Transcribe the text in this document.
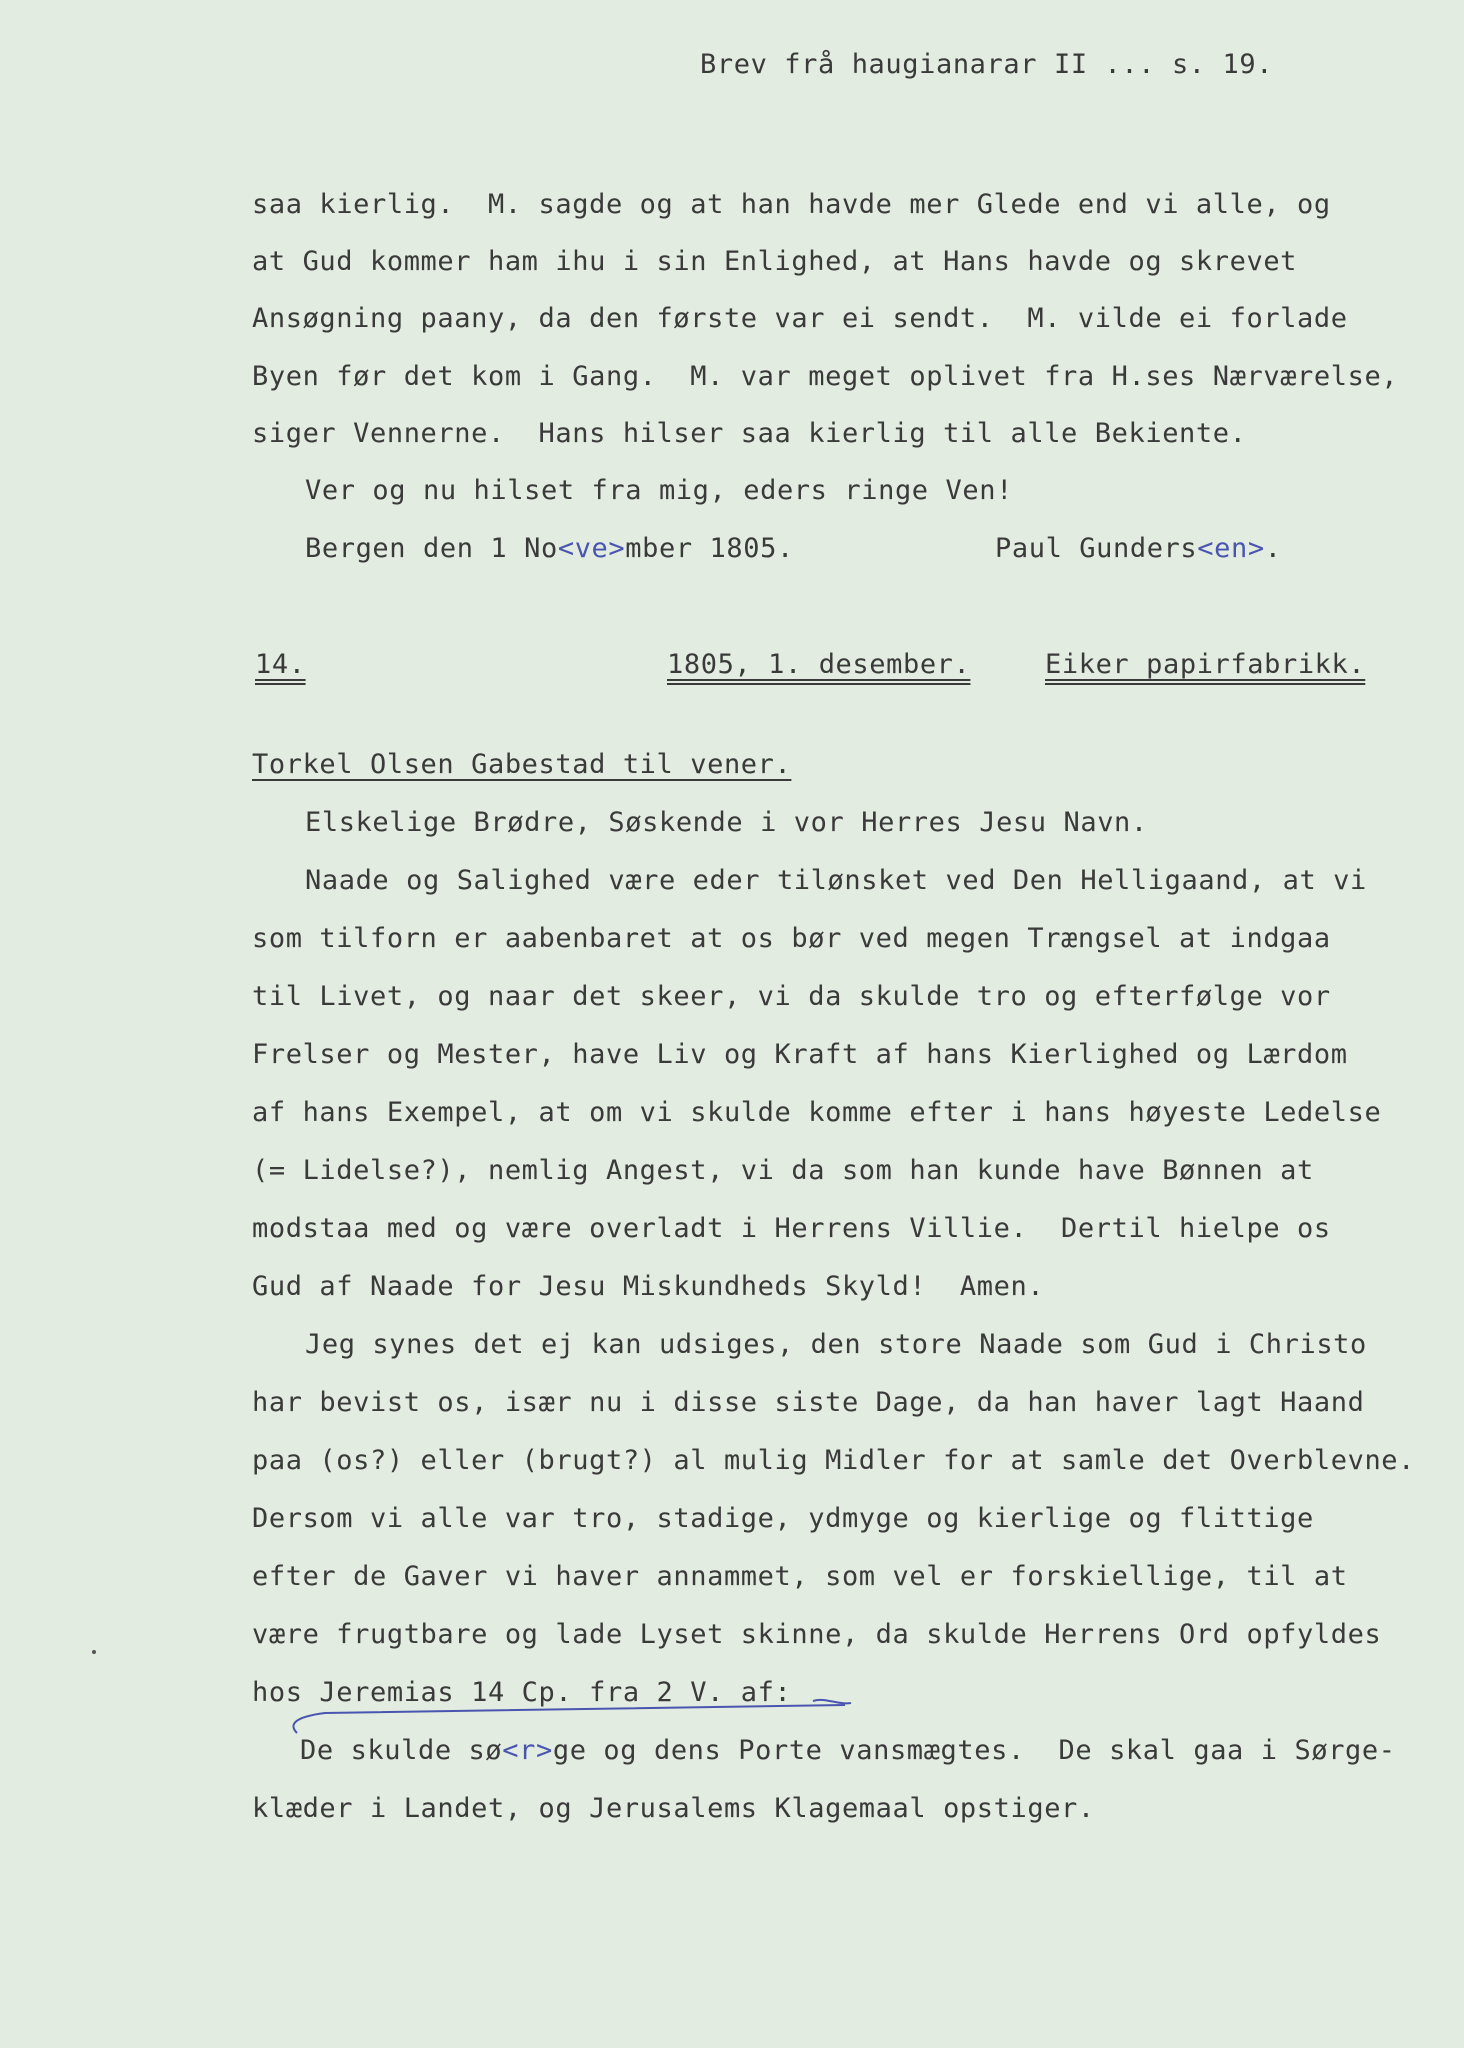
Brev frå haugianarar II ... s. 19.
saa kierlig.  M. sagde og at han havde mer Glede end vi alle, og
at Gud kommer ham ihu i sin Enlighed, at Hans havde og skrevet
Ansøgning paany, da den første var ei sendt.  M. vilde ei forlade
Byen før det kom i Gang.  M. var meget oplivet fra H.ses Nærværelse,
siger Vennerne.  Hans hilser saa kierlig til alle Bekiente.
Ver og nu hilset fra mig, eders ringe Ven!
Bergen den 1 No<ve>mber 1805.	Paul Gunders<en>.
14.	1805, 1. desember.	Eiker papirfabrikk.
Torkel Olsen Gabestad til vener.
Elskelige Brødre, Søskende i vor Herres Jesu Navn.
Naade og Salighed være eder tilønsket ved Den Helligaand, at vi
som tilforn er aabenbaret at os bør ved megen Trængsel at indgaa
til Livet, og naar det skeer, vi da skulde tro og efterfølge vor
Frelser og Mester, have Liv og Kraft af hans Kierlighed og Lærdom
af hans Exempel, at om vi skulde komme efter i hans høyeste Ledelse
(= Lidelse?), nemlig Angest, vi da som han kunde have Bønnen at
modstaa med og være overladt i Herrens Villie.  Dertil hielpe os
Gud af Naade for Jesu Miskundheds Skyld!  Amen.
Jeg synes det ej kan udsiges, den store Naade som Gud i Christo
har bevist os, især nu i disse siste Dage, da han haver lagt Haand
paa (os?) eller (brugt?) al mulig Midler for at samle det Overblevne.
Dersom vi alle var tro, stadige, ydmyge og kierlige og flittige
efter de Gaver vi haver annammet, som vel er forskiellige, til at
være frugtbare og lade Lyset skinne, da skulde Herrens Ord opfyldes
hos Jeremias 14 Cp. fra 2 V. af:
De skulde sø<r>ge og dens Porte vansmægtes.  De skal gaa i Sørge-
klæder i Landet, og Jerusalems Klagemaal opstiger.
